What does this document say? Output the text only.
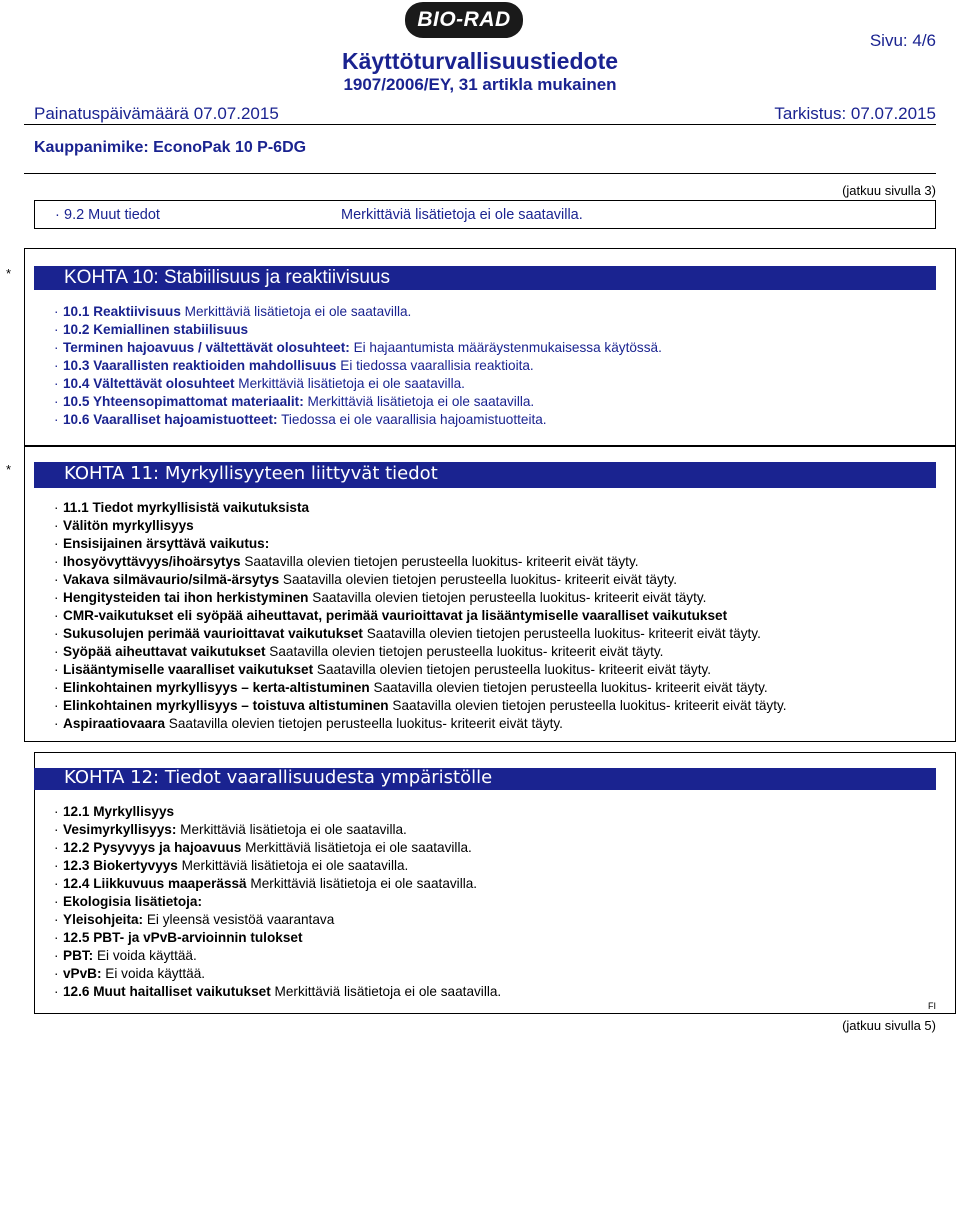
BIO-RAD
Käyttöturvallisuustiedote
1907/2006/EY, 31 artikla mukainen
Sivu: 4/6
Painatuspäivämäärä 07.07.2015	Tarkistus: 07.07.2015
Kauppanimike: EconoPak 10 P-6DG
(jatkuu sivulla 3)
· 9.2 Muut tiedot	Merkittäviä lisätietoja ei ole saatavilla.
*	KOHTA 10: Stabiilisuus ja reaktiivisuus
· 10.1 Reaktiivisuus Merkittäviä lisätietoja ei ole saatavilla.
· 10.2 Kemiallinen stabiilisuus
· Terminen hajoavuus / vältettävät olosuhteet: Ei hajaantumista määräystenmukaisessa käytössä.
· 10.3 Vaarallisten reaktioiden mahdollisuus Ei tiedossa vaarallisia reaktioita.
· 10.4 Vältettävät olosuhteet Merkittäviä lisätietoja ei ole saatavilla.
· 10.5 Yhteensopimattomat materiaalit: Merkittäviä lisätietoja ei ole saatavilla.
· 10.6 Vaaralliset hajoamistuotteet: Tiedossa ei ole vaarallisia hajoamistuotteita.
*	KOHTA 11: Myrkyllisyyteen liittyvät tiedot
· 11.1 Tiedot myrkyllisistä vaikutuksista
· Välitön myrkyllisyys
· Ensisijainen ärsyttävä vaikutus:
· Ihosyövyttävyys/ihoärsytys Saatavilla olevien tietojen perusteella luokitus- kriteerit eivät täyty.
· Vakava silmävaurio/silmä-ärsytys Saatavilla olevien tietojen perusteella luokitus- kriteerit eivät täyty.
· Hengitysteiden tai ihon herkistyminen Saatavilla olevien tietojen perusteella luokitus- kriteerit eivät täyty.
· CMR-vaikutukset eli syöpää aiheuttavat, perimää vaurioittavat ja lisääntymiselle vaaralliset vaikutukset
· Sukusolujen perimää vaurioittavat vaikutukset Saatavilla olevien tietojen perusteella luokitus- kriteerit eivät täyty.
· Syöpää aiheuttavat vaikutukset Saatavilla olevien tietojen perusteella luokitus- kriteerit eivät täyty.
· Lisääntymiselle vaaralliset vaikutukset Saatavilla olevien tietojen perusteella luokitus- kriteerit eivät täyty.
· Elinkohtainen myrkyllisyys – kerta-altistuminen Saatavilla olevien tietojen perusteella luokitus- kriteerit eivät täyty.
· Elinkohtainen myrkyllisyys – toistuva altistuminen Saatavilla olevien tietojen perusteella luokitus- kriteerit eivät täyty.
· Aspiraatiovaara Saatavilla olevien tietojen perusteella luokitus- kriteerit eivät täyty.
KOHTA 12: Tiedot vaarallisuudesta ympäristölle
· 12.1 Myrkyllisyys
· Vesimyrkyllisyys: Merkittäviä lisätietoja ei ole saatavilla.
· 12.2 Pysyvyys ja hajoavuus Merkittäviä lisätietoja ei ole saatavilla.
· 12.3 Biokertyvyys Merkittäviä lisätietoja ei ole saatavilla.
· 12.4 Liikkuvuus maaperässä Merkittäviä lisätietoja ei ole saatavilla.
· Ekologisia lisätietoja:
· Yleisohjeita: Ei yleensä vesistöä vaarantava
· 12.5 PBT- ja vPvB-arvioinnin tulokset
· PBT: Ei voida käyttää.
· vPvB: Ei voida käyttää.
· 12.6 Muut haitalliset vaikutukset Merkittäviä lisätietoja ei ole saatavilla.
FI
(jatkuu sivulla 5)
